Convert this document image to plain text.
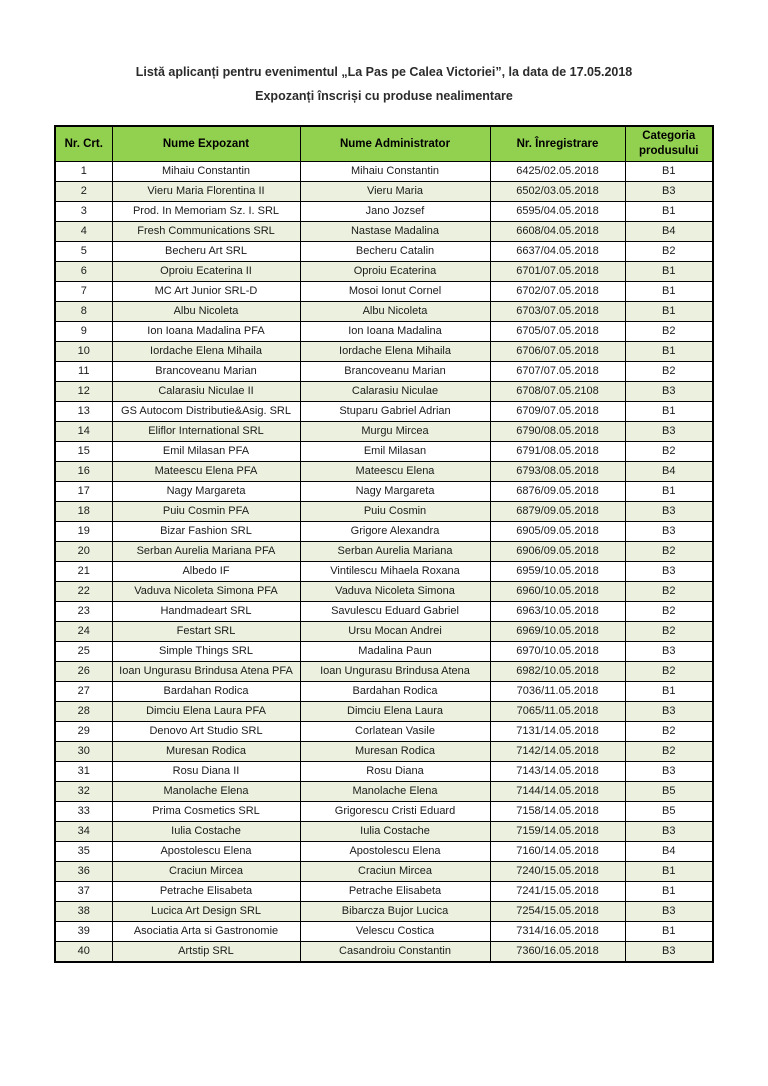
Listă aplicanți pentru evenimentul „La Pas pe Calea Victoriei”, la data de 17.05.2018
Expozanți înscriși cu produse nealimentare
Nr. Crt.	Nume Expozant	Nume Administrator	Nr. Înregistrare	Categoria produsului
1	Mihaiu Constantin	Mihaiu Constantin	6425/02.05.2018	B1
2	Vieru Maria Florentina II	Vieru Maria	6502/03.05.2018	B3
3	Prod. In Memoriam Sz. I. SRL	Jano Jozsef	6595/04.05.2018	B1
4	Fresh Communications SRL	Nastase Madalina	6608/04.05.2018	B4
5	Becheru Art SRL	Becheru Catalin	6637/04.05.2018	B2
6	Oproiu Ecaterina II	Oproiu Ecaterina	6701/07.05.2018	B1
7	MC Art Junior SRL-D	Mosoi Ionut Cornel	6702/07.05.2018	B1
8	Albu Nicoleta	Albu Nicoleta	6703/07.05.2018	B1
9	Ion Ioana Madalina PFA	Ion Ioana Madalina	6705/07.05.2018	B2
10	Iordache Elena Mihaila	Iordache Elena Mihaila	6706/07.05.2018	B1
11	Brancoveanu Marian	Brancoveanu Marian	6707/07.05.2018	B2
12	Calarasiu Niculae II	Calarasiu Niculae	6708/07.05.2108	B3
13	GS Autocom Distributie&Asig. SRL	Stuparu Gabriel Adrian	6709/07.05.2018	B1
14	Eliflor International SRL	Murgu Mircea	6790/08.05.2018	B3
15	Emil Milasan PFA	Emil Milasan	6791/08.05.2018	B2
16	Mateescu Elena PFA	Mateescu Elena	6793/08.05.2018	B4
17	Nagy Margareta	Nagy Margareta	6876/09.05.2018	B1
18	Puiu Cosmin PFA	Puiu Cosmin	6879/09.05.2018	B3
19	Bizar Fashion SRL	Grigore Alexandra	6905/09.05.2018	B3
20	Serban Aurelia Mariana PFA	Serban Aurelia Mariana	6906/09.05.2018	B2
21	Albedo IF	Vintilescu Mihaela Roxana	6959/10.05.2018	B3
22	Vaduva Nicoleta Simona PFA	Vaduva Nicoleta Simona	6960/10.05.2018	B2
23	Handmadeart SRL	Savulescu Eduard Gabriel	6963/10.05.2018	B2
24	Festart SRL	Ursu Mocan Andrei	6969/10.05.2018	B2
25	Simple Things SRL	Madalina Paun	6970/10.05.2018	B3
26	Ioan Ungurasu Brindusa Atena PFA	Ioan Ungurasu Brindusa Atena	6982/10.05.2018	B2
27	Bardahan Rodica	Bardahan Rodica	7036/11.05.2018	B1
28	Dimciu Elena Laura PFA	Dimciu Elena Laura	7065/11.05.2018	B3
29	Denovo Art Studio SRL	Corlatean Vasile	7131/14.05.2018	B2
30	Muresan Rodica	Muresan Rodica	7142/14.05.2018	B2
31	Rosu Diana II	Rosu Diana	7143/14.05.2018	B3
32	Manolache Elena	Manolache Elena	7144/14.05.2018	B5
33	Prima Cosmetics SRL	Grigorescu Cristi Eduard	7158/14.05.2018	B5
34	Iulia Costache	Iulia Costache	7159/14.05.2018	B3
35	Apostolescu Elena	Apostolescu Elena	7160/14.05.2018	B4
36	Craciun Mircea	Craciun Mircea	7240/15.05.2018	B1
37	Petrache Elisabeta	Petrache Elisabeta	7241/15.05.2018	B1
38	Lucica Art Design SRL	Bibarcza Bujor Lucica	7254/15.05.2018	B3
39	Asociatia Arta si Gastronomie	Velescu Costica	7314/16.05.2018	B1
40	Artstip SRL	Casandroiu Constantin	7360/16.05.2018	B3
